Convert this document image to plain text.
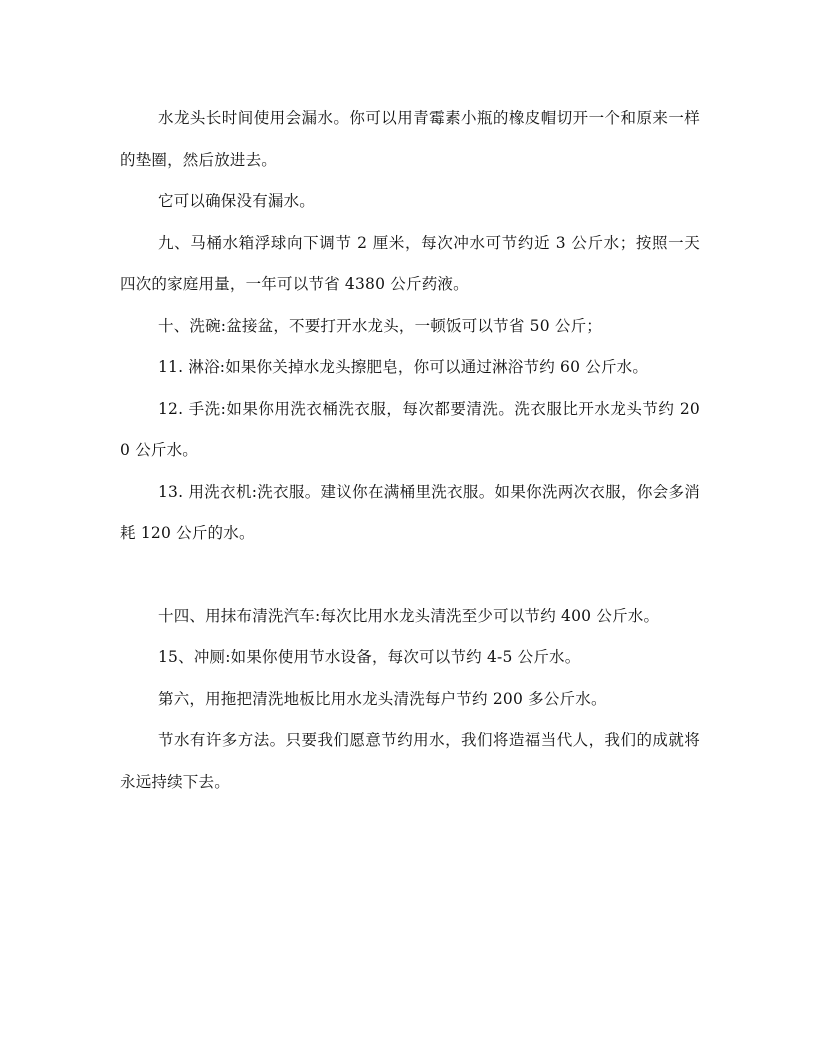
水龙头长时间使用会漏水。你可以用青霉素小瓶的橡皮帽切开一个和原来一样的垫圈，然后放进去。

它可以确保没有漏水。

九、马桶水箱浮球向下调节 2 厘米，每次冲水可节约近 3 公斤水；按照一天四次的家庭用量，一年可以节省 4380 公斤药液。

十、洗碗:盆接盆，不要打开水龙头，一顿饭可以节省 50 公斤；

11. 淋浴:如果你关掉水龙头擦肥皂，你可以通过淋浴节约 60 公斤水。

12. 手洗:如果你用洗衣桶洗衣服，每次都要清洗。洗衣服比开水龙头节约 200 公斤水。

13. 用洗衣机:洗衣服。建议你在满桶里洗衣服。如果你洗两次衣服，你会多消耗 120 公斤的水。

十四、用抹布清洗汽车:每次比用水龙头清洗至少可以节约 400 公斤水。

15、冲厕:如果你使用节水设备，每次可以节约 4-5 公斤水。

第六，用拖把清洗地板比用水龙头清洗每户节约 200 多公斤水。

节水有许多方法。只要我们愿意节约用水，我们将造福当代人，我们的成就将永远持续下去。
